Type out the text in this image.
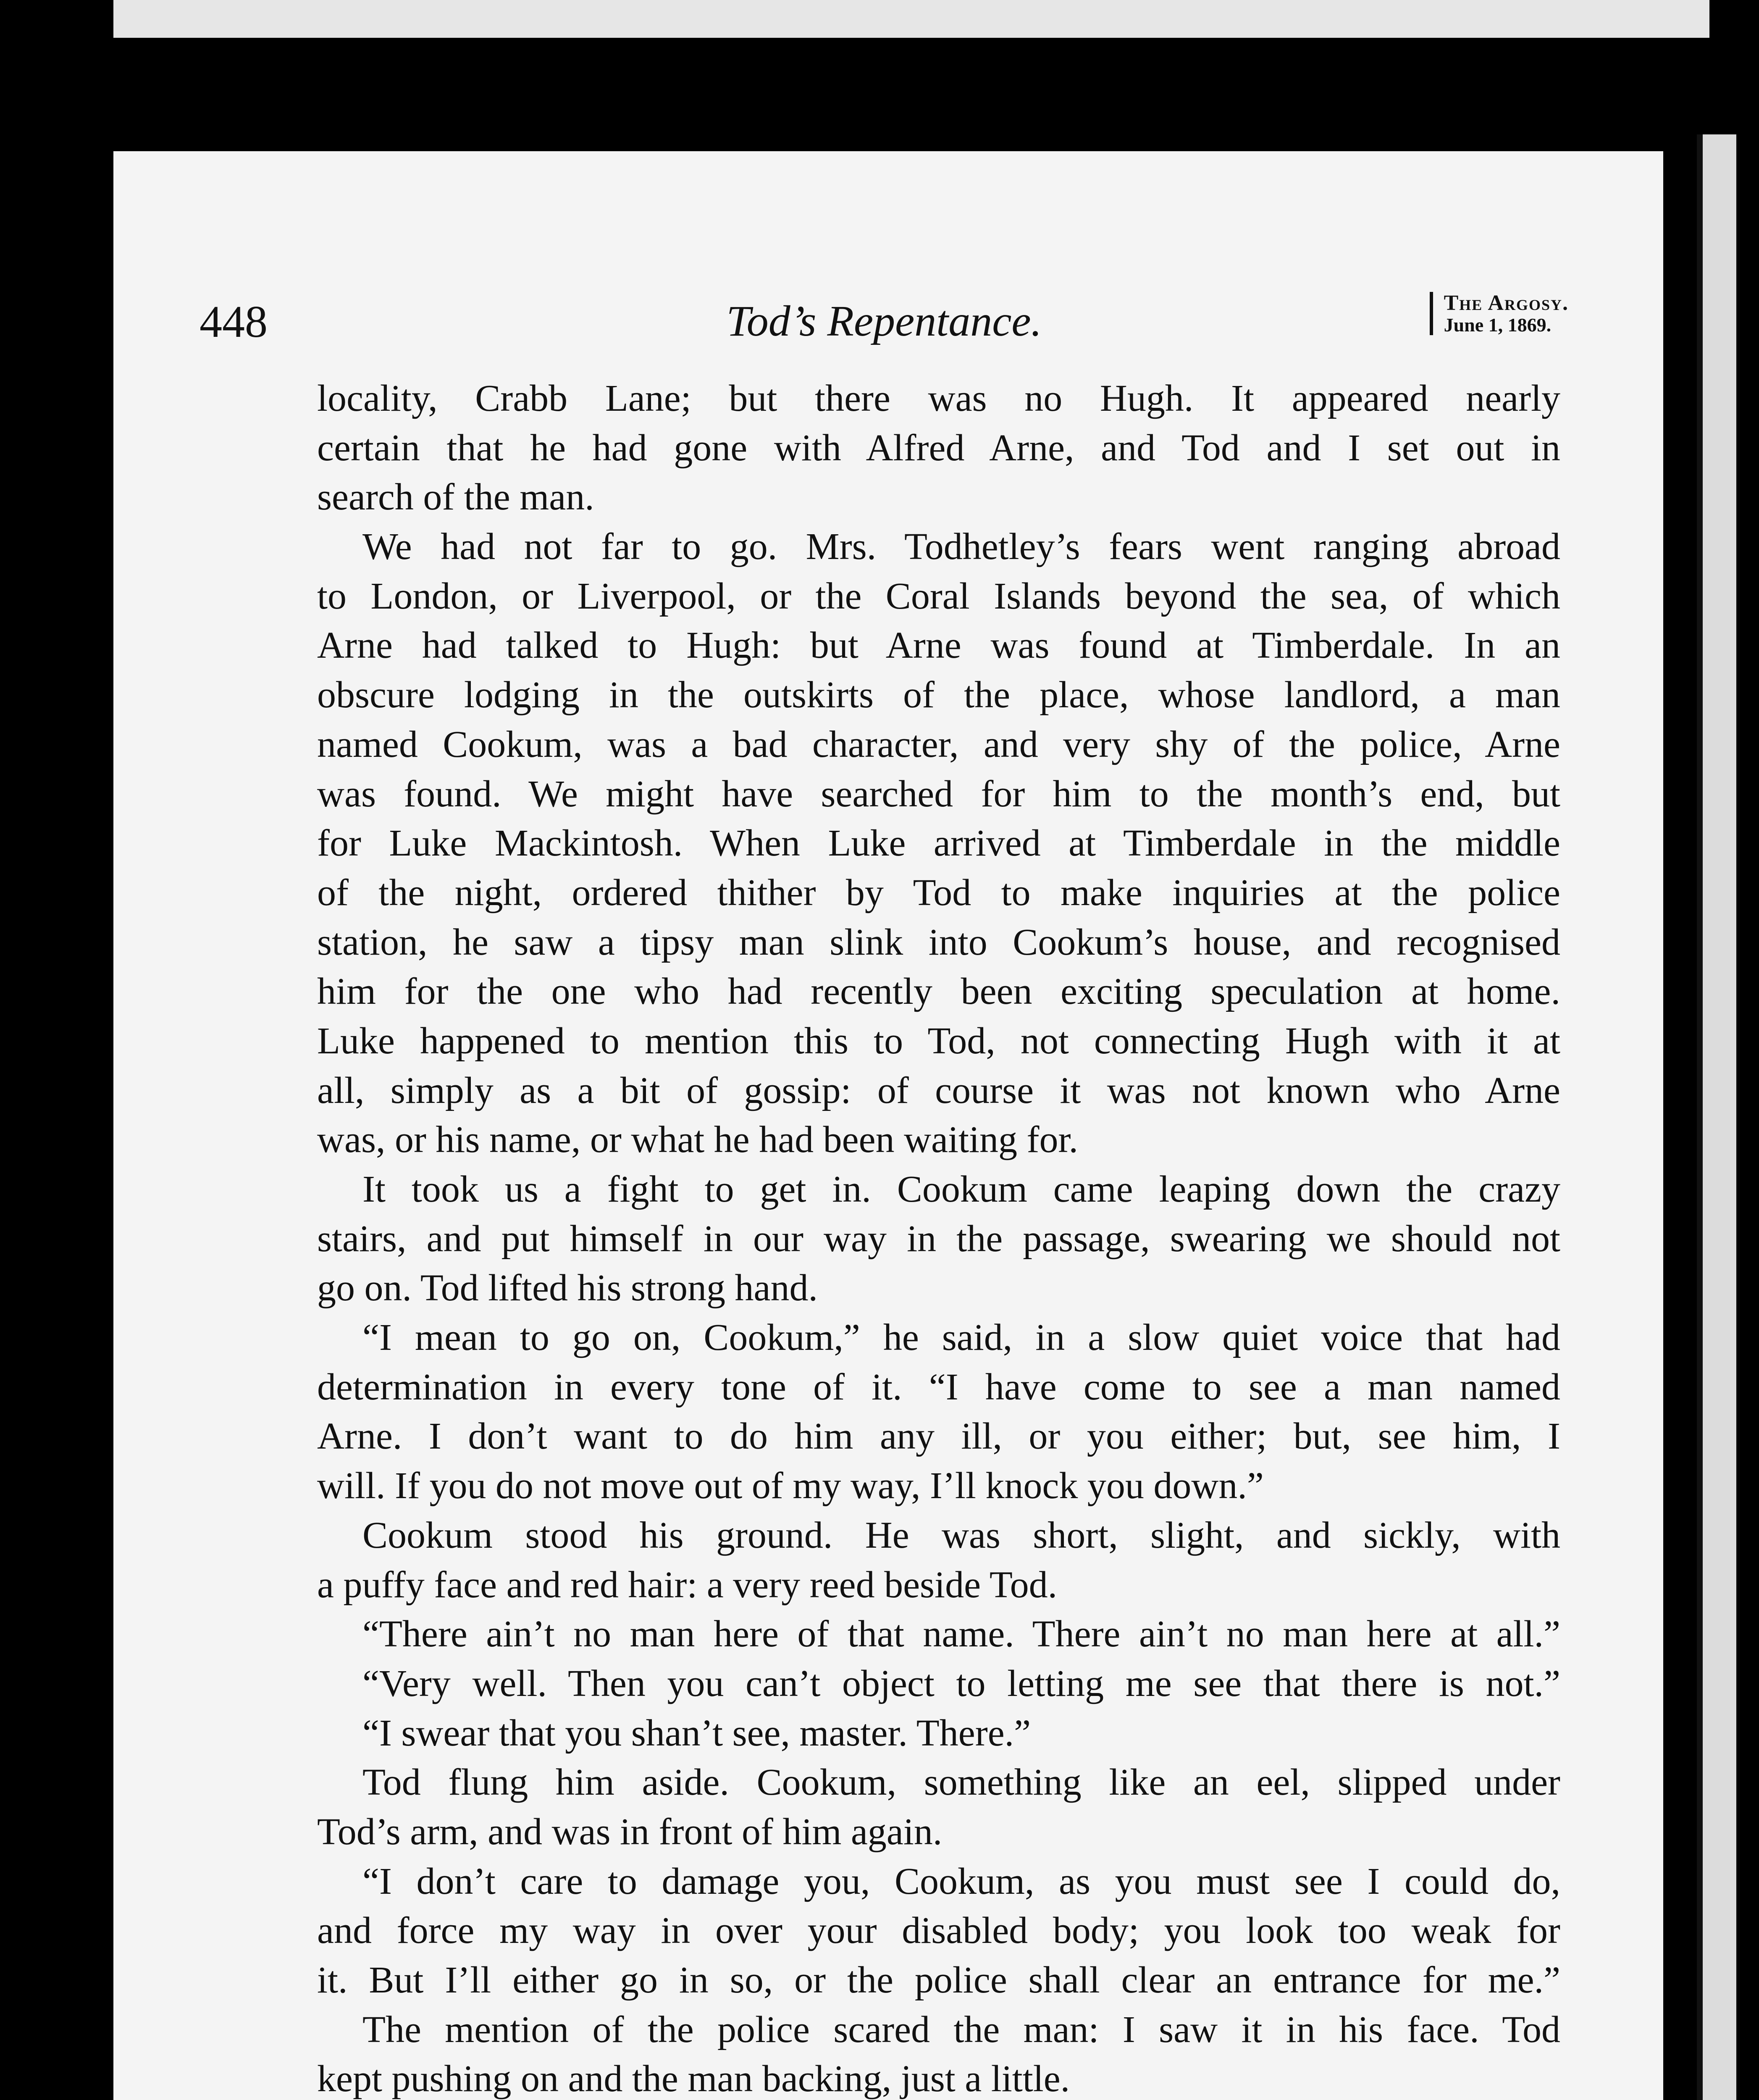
448	Tod’s Repentance.	The Argosy.
June 1, 1869.
locality, Crabb Lane; but there was no Hugh. It appeared nearly
certain that he had gone with Alfred Arne, and Tod and I set out in
search of the man.
We had not far to go. Mrs. Todhetley’s fears went ranging abroad
to London, or Liverpool, or the Coral Islands beyond the sea, of which
Arne had talked to Hugh: but Arne was found at Timberdale. In an
obscure lodging in the outskirts of the place, whose landlord, a man
named Cookum, was a bad character, and very shy of the police, Arne
was found. We might have searched for him to the month’s end, but
for Luke Mackintosh. When Luke arrived at Timberdale in the middle
of the night, ordered thither by Tod to make inquiries at the police
station, he saw a tipsy man slink into Cookum’s house, and recognised
him for the one who had recently been exciting speculation at home.
Luke happened to mention this to Tod, not connecting Hugh with it at
all, simply as a bit of gossip: of course it was not known who Arne
was, or his name, or what he had been waiting for.
It took us a fight to get in. Cookum came leaping down the crazy
stairs, and put himself in our way in the passage, swearing we should not
go on. Tod lifted his strong hand.
“I mean to go on, Cookum,” he said, in a slow quiet voice that had
determination in every tone of it. “I have come to see a man named
Arne. I don’t want to do him any ill, or you either; but, see him, I
will. If you do not move out of my way, I’ll knock you down.”
Cookum stood his ground. He was short, slight, and sickly, with
a puffy face and red hair: a very reed beside Tod.
“There ain’t no man here of that name. There ain’t no man here at all.”
“Very well. Then you can’t object to letting me see that there is not.”
“I swear that you shan’t see, master. There.”
Tod flung him aside. Cookum, something like an eel, slipped under
Tod’s arm, and was in front of him again.
“I don’t care to damage you, Cookum, as you must see I could do,
and force my way in over your disabled body; you look too weak for
it. But I’ll either go in so, or the police shall clear an entrance for me.”
The mention of the police scared the man: I saw it in his face. Tod
kept pushing on and the man backing, just a little.
